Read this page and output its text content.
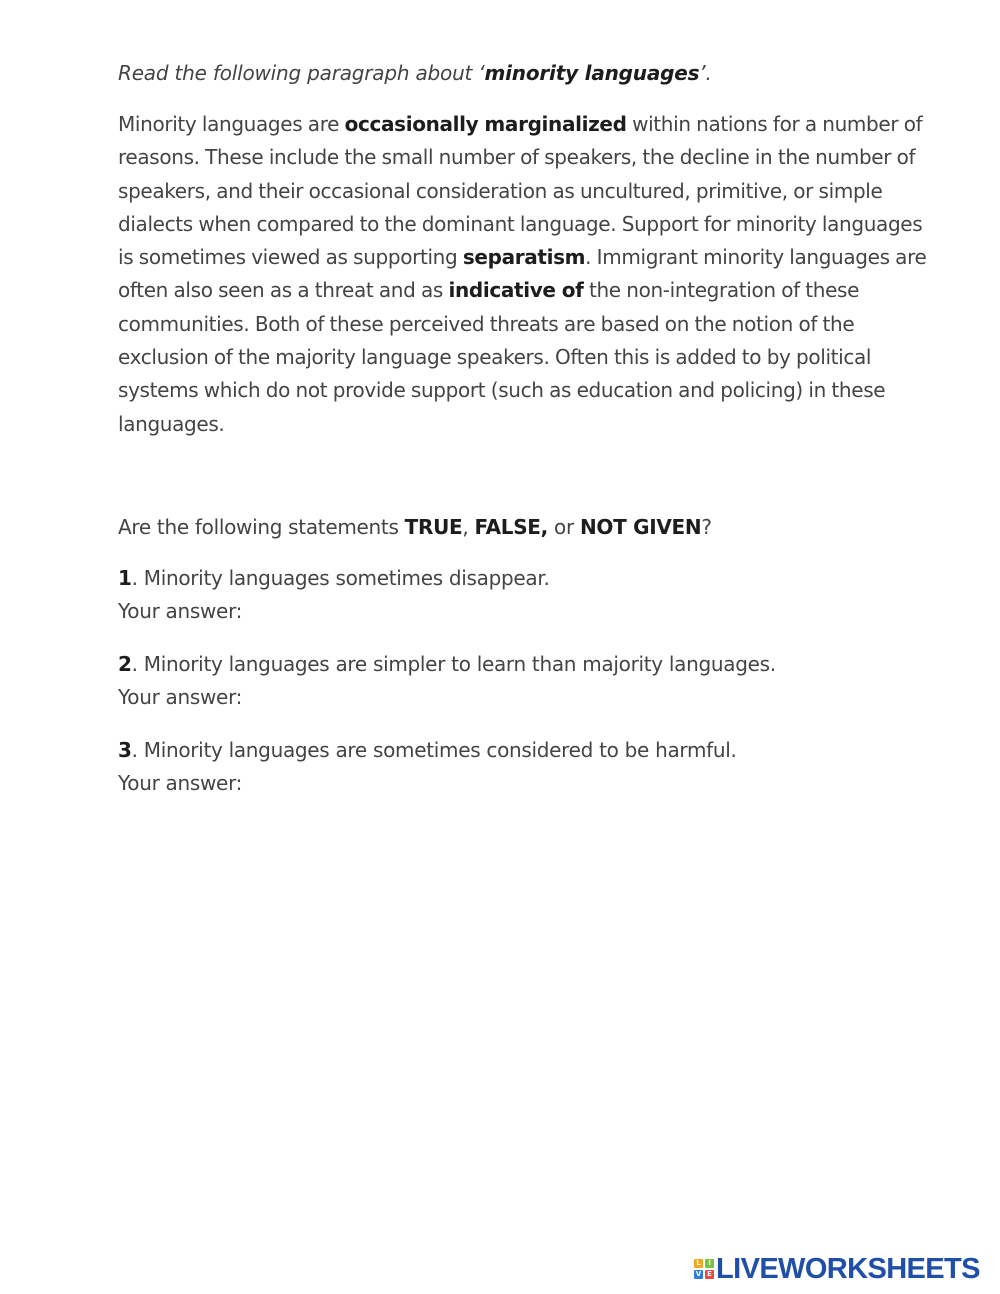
Read the following paragraph about ‘minority languages’.

Minority languages are occasionally marginalized within nations for a number of reasons. These include the small number of speakers, the decline in the number of speakers, and their occasional consideration as uncultured, primitive, or simple dialects when compared to the dominant language. Support for minority languages is sometimes viewed as supporting separatism. Immigrant minority languages are often also seen as a threat and as indicative of the non-integration of these communities. Both of these perceived threats are based on the notion of the exclusion of the majority language speakers. Often this is added to by political systems which do not provide support (such as education and policing) in these languages.

Are the following statements TRUE, FALSE, or NOT GIVEN?
1. Minority languages sometimes disappear.
Your answer:
2. Minority languages are simpler to learn than majority languages.
Your answer:
3. Minority languages are sometimes considered to be harmful.
Your answer:
L	I
V E LIVEWORKSHEETS
